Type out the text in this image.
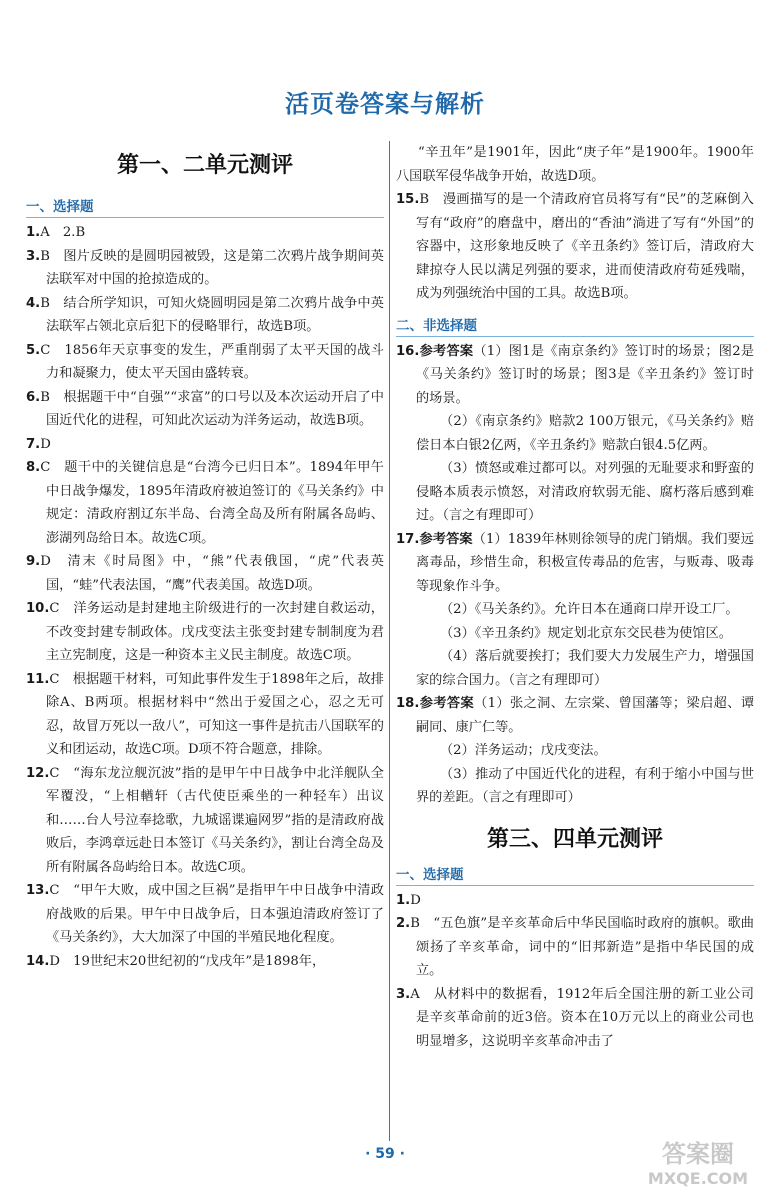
活页卷答案与解析
第一、二单元测评
一、选择题

1.A　2.B

3.B　图片反映的是圆明园被毁，这是第二次鸦片战争期间英法联军对中国的抢掠造成的。

4.B　结合所学知识，可知火烧圆明园是第二次鸦片战争中英法联军占领北京后犯下的侵略罪行，故选B项。

5.C　1856年天京事变的发生，严重削弱了太平天国的战斗力和凝聚力，使太平天国由盛转衰。

6.B　根据题干中“自强”“求富”的口号以及本次运动开启了中国近代化的进程，可知此次运动为洋务运动，故选B项。

7.D

8.C　题干中的关键信息是“台湾今已归日本”。1894年甲午中日战争爆发，1895年清政府被迫签订的《马关条约》中规定：清政府割辽东半岛、台湾全岛及所有附属各岛屿、澎湖列岛给日本。故选C项。

9.D　清末《时局图》中，“熊”代表俄国，“虎”代表英国，“蛙”代表法国，“鹰”代表美国。故选D项。

10.C　洋务运动是封建地主阶级进行的一次封建自救运动，不改变封建专制政体。戊戌变法主张变封建专制制度为君主立宪制度，这是一种资本主义民主制度。故选C项。

11.C　根据题干材料，可知此事件发生于1898年之后，故排除A、B两项。根据材料中“然出于爱国之心，忍之无可忍，故冒万死以一敌八”，可知这一事件是抗击八国联军的义和团运动，故选C项。D项不符合题意，排除。

12.C　“海东龙泣舰沉波”指的是甲午中日战争中北洋舰队全军覆没，“上相輶轩（古代使臣乘坐的一种轻车）出议和……台人号泣奉捻歌，九城谣谍遍网罗”指的是清政府战败后，李鸿章远赴日本签订《马关条约》，割让台湾全岛及所有附属各岛屿给日本。故选C项。

13.C　“甲午大败，成中国之巨祸”是指甲午中日战争中清政府战败的后果。甲午中日战争后，日本强迫清政府签订了《马关条约》，大大加深了中国的半殖民地化程度。

14.D　19世纪末20世纪初的“戊戌年”是1898年，

“辛丑年”是1901年，因此“庚子年”是1900年。1900年八国联军侵华战争开始，故选D项。

15.B　漫画描写的是一个清政府官员将写有“民”的芝麻倒入写有“政府”的磨盘中，磨出的“香油”淌进了写有“外国”的容器中，这形象地反映了《辛丑条约》签订后，清政府大肆掠夺人民以满足列强的要求，进而使清政府苟延残喘，成为列强统治中国的工具。故选B项。

二、非选择题

16.参考答案（1）图1是《南京条约》签订时的场景；图2是《马关条约》签订时的场景；图3是《辛丑条约》签订时的场景。

（2）《南京条约》赔款2 100万银元，《马关条约》赔偿日本白银2亿两，《辛丑条约》赔款白银4.5亿两。

（3）愤怒或难过都可以。对列强的无耻要求和野蛮的侵略本质表示愤怒，对清政府软弱无能、腐朽落后感到难过。（言之有理即可）

17.参考答案（1）1839年林则徐领导的虎门销烟。我们要远离毒品，珍惜生命，积极宣传毒品的危害，与贩毒、吸毒等现象作斗争。

（2）《马关条约》。允许日本在通商口岸开设工厂。

（3）《辛丑条约》规定划北京东交民巷为使馆区。

（4）落后就要挨打；我们要大力发展生产力，增强国家的综合国力。（言之有理即可）

18.参考答案（1）张之洞、左宗棠、曾国藩等；梁启超、谭嗣同、康广仁等。

（2）洋务运动；戊戌变法。

（3）推动了中国近代化的进程，有利于缩小中国与世界的差距。（言之有理即可）

第三、四单元测评
一、选择题

1.D

2.B　“五色旗”是辛亥革命后中华民国临时政府的旗帜。歌曲颂扬了辛亥革命，词中的“旧邦新造”是指中华民国的成立。

3.A　从材料中的数据看，1912年后全国注册的新工业公司是辛亥革命前的近3倍。资本在10万元以上的商业公司也明显增多，这说明辛亥革命冲击了

· 59 ·	答案圈
MXQE.COM
